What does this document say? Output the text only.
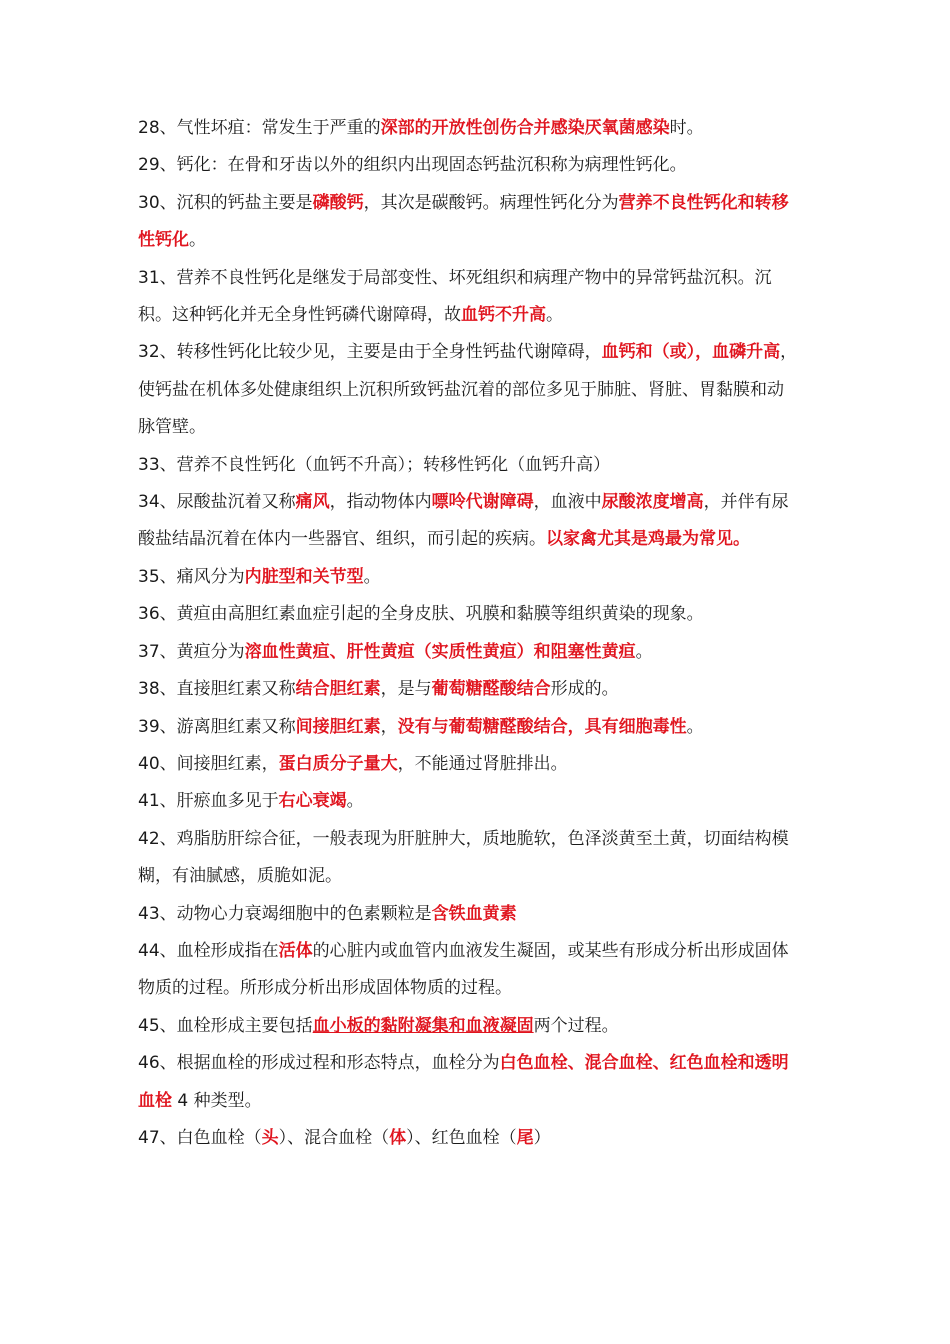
28、气性坏疽：常发生于严重的深部的开放性创伤合并感染厌氧菌感染时。

29、钙化：在骨和牙齿以外的组织内出现固态钙盐沉积称为病理性钙化。

30、沉积的钙盐主要是磷酸钙，其次是碳酸钙。病理性钙化分为营养不良性钙化和转移性钙化。

31、营养不良性钙化是继发于局部变性、坏死组织和病理产物中的异常钙盐沉积。沉积。这种钙化并无全身性钙磷代谢障碍，故血钙不升高。

32、转移性钙化比较少见，主要是由于全身性钙盐代谢障碍，血钙和（或），血磷升高，使钙盐在机体多处健康组织上沉积所致钙盐沉着的部位多见于肺脏、肾脏、胃黏膜和动脉管壁。

33、营养不良性钙化（血钙不升高）；转移性钙化（血钙升高）

34、尿酸盐沉着又称痛风，指动物体内嘌呤代谢障碍，血液中尿酸浓度增高，并伴有尿酸盐结晶沉着在体内一些器官、组织，而引起的疾病。以家禽尤其是鸡最为常见。

35、痛风分为内脏型和关节型。

36、黄疸由高胆红素血症引起的全身皮肤、巩膜和黏膜等组织黄染的现象。

37、黄疸分为溶血性黄疸、肝性黄疸（实质性黄疸）和阻塞性黄疸。

38、直接胆红素又称结合胆红素，是与葡萄糖醛酸结合形成的。

39、游离胆红素又称间接胆红素，没有与葡萄糖醛酸结合，具有细胞毒性。

40、间接胆红素，蛋白质分子量大，不能通过肾脏排出。

41、肝瘀血多见于右心衰竭。

42、鸡脂肪肝综合征，一般表现为肝脏肿大，质地脆软，色泽淡黄至土黄，切面结构模糊，有油腻感，质脆如泥。

43、动物心力衰竭细胞中的色素颗粒是含铁血黄素

44、血栓形成指在活体的心脏内或血管内血液发生凝固，或某些有形成分析出形成固体物质的过程。所形成分析出形成固体物质的过程。

45、血栓形成主要包括血小板的黏附凝集和血液凝固两个过程。

46、根据血栓的形成过程和形态特点，血栓分为白色血栓、混合血栓、红色血栓和透明血栓 4 种类型。

47、白色血栓（头）、混合血栓（体）、红色血栓（尾）
